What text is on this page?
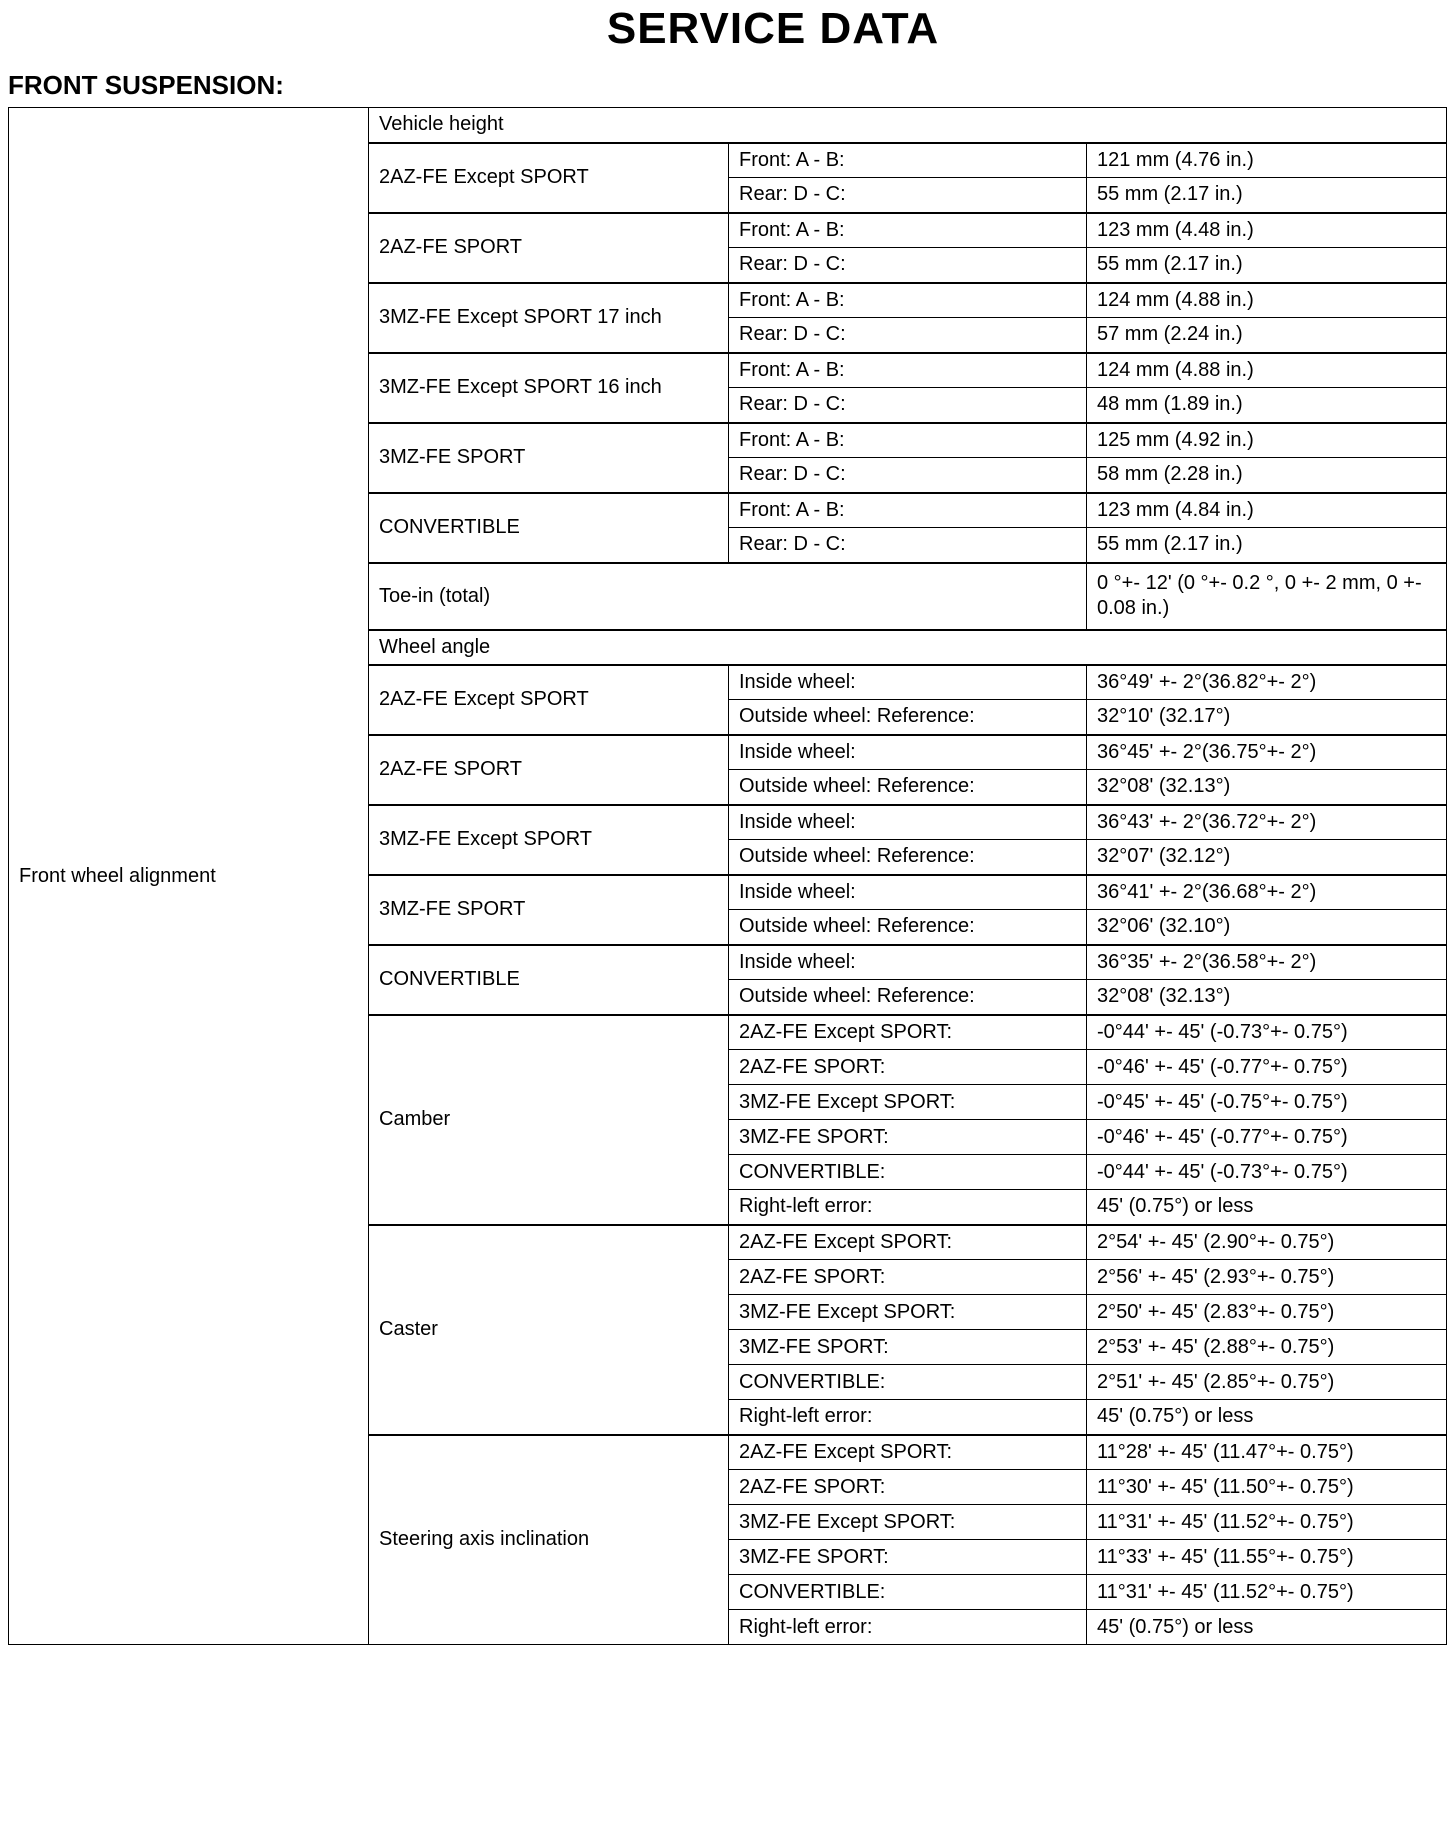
SERVICE DATA
FRONT SUSPENSION:
Front wheel alignment	Vehicle height		
	2AZ-FE Except SPORT	Front: A - B:	121 mm (4.76 in.)
		Rear: D - C:	55 mm (2.17 in.)
	2AZ-FE SPORT	Front: A - B:	123 mm (4.48 in.)
		Rear: D - C:	55 mm (2.17 in.)
	3MZ-FE Except SPORT 17 inch	Front: A - B:	124 mm (4.88 in.)
		Rear: D - C:	57 mm (2.24 in.)
	3MZ-FE Except SPORT 16 inch	Front: A - B:	124 mm (4.88 in.)
		Rear: D - C:	48 mm (1.89 in.)
	3MZ-FE SPORT	Front: A - B:	125 mm (4.92 in.)
		Rear: D - C:	58 mm (2.28 in.)
	CONVERTIBLE	Front: A - B:	123 mm (4.84 in.)
		Rear: D - C:	55 mm (2.17 in.)
	Toe-in (total)		0 °+- 12' (0 °+- 0.2 °, 0 +- 2 mm, 0 +- 0.08 in.)
	Wheel angle		
	2AZ-FE Except SPORT	Inside wheel:	36°49' +- 2°(36.82°+- 2°)
		Outside wheel: Reference:	32°10' (32.17°)
	2AZ-FE SPORT	Inside wheel:	36°45' +- 2°(36.75°+- 2°)
		Outside wheel: Reference:	32°08' (32.13°)
	3MZ-FE Except SPORT	Inside wheel:	36°43' +- 2°(36.72°+- 2°)
		Outside wheel: Reference:	32°07' (32.12°)
	3MZ-FE SPORT	Inside wheel:	36°41' +- 2°(36.68°+- 2°)
		Outside wheel: Reference:	32°06' (32.10°)
	CONVERTIBLE	Inside wheel:	36°35' +- 2°(36.58°+- 2°)
		Outside wheel: Reference:	32°08' (32.13°)
	Camber	2AZ-FE Except SPORT:	-0°44' +- 45' (-0.73°+- 0.75°)
		2AZ-FE SPORT:	-0°46' +- 45' (-0.77°+- 0.75°)
		3MZ-FE Except SPORT:	-0°45' +- 45' (-0.75°+- 0.75°)
		3MZ-FE SPORT:	-0°46' +- 45' (-0.77°+- 0.75°)
		CONVERTIBLE:	-0°44' +- 45' (-0.73°+- 0.75°)
		Right-left error:	45' (0.75°) or less
	Caster	2AZ-FE Except SPORT:	2°54' +- 45' (2.90°+- 0.75°)
		2AZ-FE SPORT:	2°56' +- 45' (2.93°+- 0.75°)
		3MZ-FE Except SPORT:	2°50' +- 45' (2.83°+- 0.75°)
		3MZ-FE SPORT:	2°53' +- 45' (2.88°+- 0.75°)
		CONVERTIBLE:	2°51' +- 45' (2.85°+- 0.75°)
		Right-left error:	45' (0.75°) or less
	Steering axis inclination	2AZ-FE Except SPORT:	11°28' +- 45' (11.47°+- 0.75°)
		2AZ-FE SPORT:	11°30' +- 45' (11.50°+- 0.75°)
		3MZ-FE Except SPORT:	11°31' +- 45' (11.52°+- 0.75°)
		3MZ-FE SPORT:	11°33' +- 45' (11.55°+- 0.75°)
		CONVERTIBLE:	11°31' +- 45' (11.52°+- 0.75°)
		Right-left error:	45' (0.75°) or less
